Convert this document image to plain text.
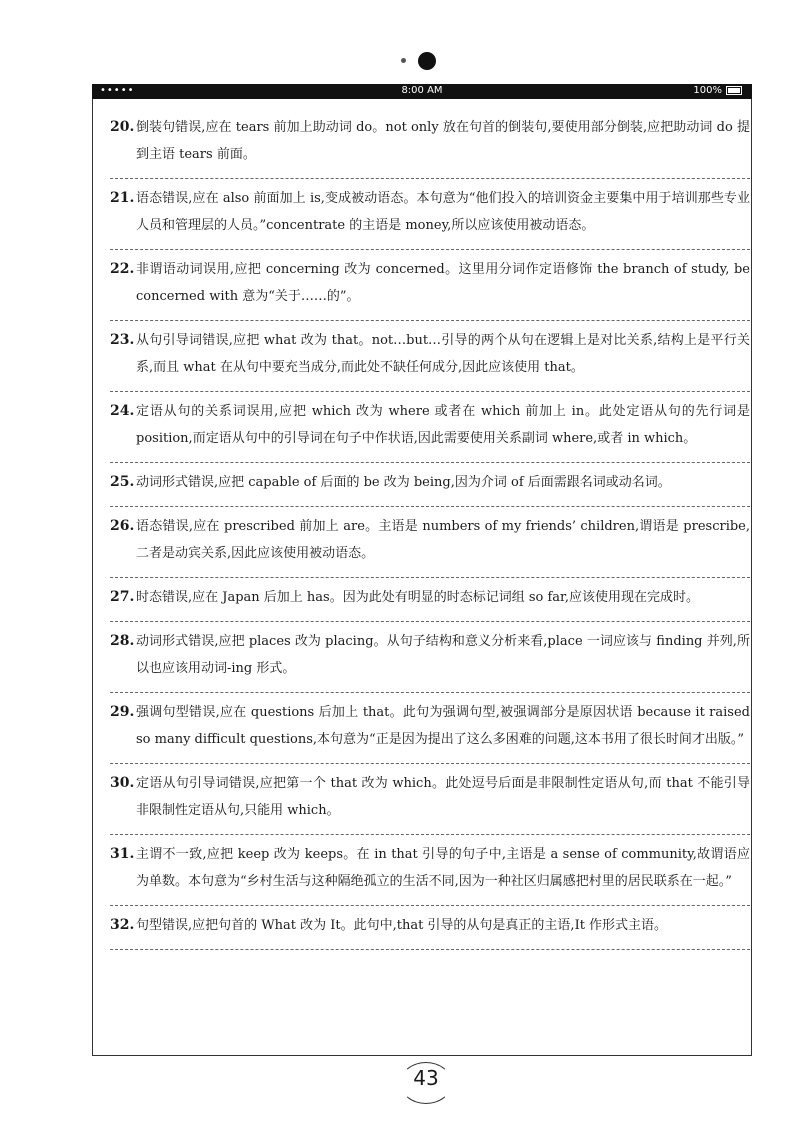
•••••	8:00 AM	100%
20. 倒装句错误,应在 tears 前加上助动词 do。not only 放在句首的倒装句,要使用部分倒装,应把助动词 do 提到主语 tears 前面。
21. 语态错误,应在 also 前面加上 is,变成被动语态。本句意为“他们投入的培训资金主要集中用于培训那些专业人员和管理层的人员。”concentrate 的主语是 money,所以应该使用被动语态。
22. 非谓语动词误用,应把 concerning 改为 concerned。这里用分词作定语修饰 the branch of study, be concerned with 意为“关于……的”。
23. 从句引导词错误,应把 what 改为 that。not…but…引导的两个从句在逻辑上是对比关系,结构上是平行关系,而且 what 在从句中要充当成分,而此处不缺任何成分,因此应该使用 that。
24. 定语从句的关系词误用,应把 which 改为 where 或者在 which 前加上 in。此处定语从句的先行词是 position,而定语从句中的引导词在句子中作状语,因此需要使用关系副词 where,或者 in which。
25. 动词形式错误,应把 capable of 后面的 be 改为 being,因为介词 of 后面需跟名词或动名词。
26. 语态错误,应在 prescribed 前加上 are。主语是 numbers of my friends’ children,谓语是 prescribe,二者是动宾关系,因此应该使用被动语态。
27. 时态错误,应在 Japan 后加上 has。因为此处有明显的时态标记词组 so far,应该使用现在完成时。
28. 动词形式错误,应把 places 改为 placing。从句子结构和意义分析来看,place 一词应该与 finding 并列,所以也应该用动词-ing 形式。
29. 强调句型错误,应在 questions 后加上 that。此句为强调句型,被强调部分是原因状语 because it raised so many difficult questions,本句意为“正是因为提出了这么多困难的问题,这本书用了很长时间才出版。”
30. 定语从句引导词错误,应把第一个 that 改为 which。此处逗号后面是非限制性定语从句,而 that 不能引导非限制性定语从句,只能用 which。
31. 主谓不一致,应把 keep 改为 keeps。在 in that 引导的句子中,主语是 a sense of community,故谓语应为单数。本句意为“乡村生活与这种隔绝孤立的生活不同,因为一种社区归属感把村里的居民联系在一起。”
32. 句型错误,应把句首的 What 改为 It。此句中,that 引导的从句是真正的主语,It 作形式主语。
43
